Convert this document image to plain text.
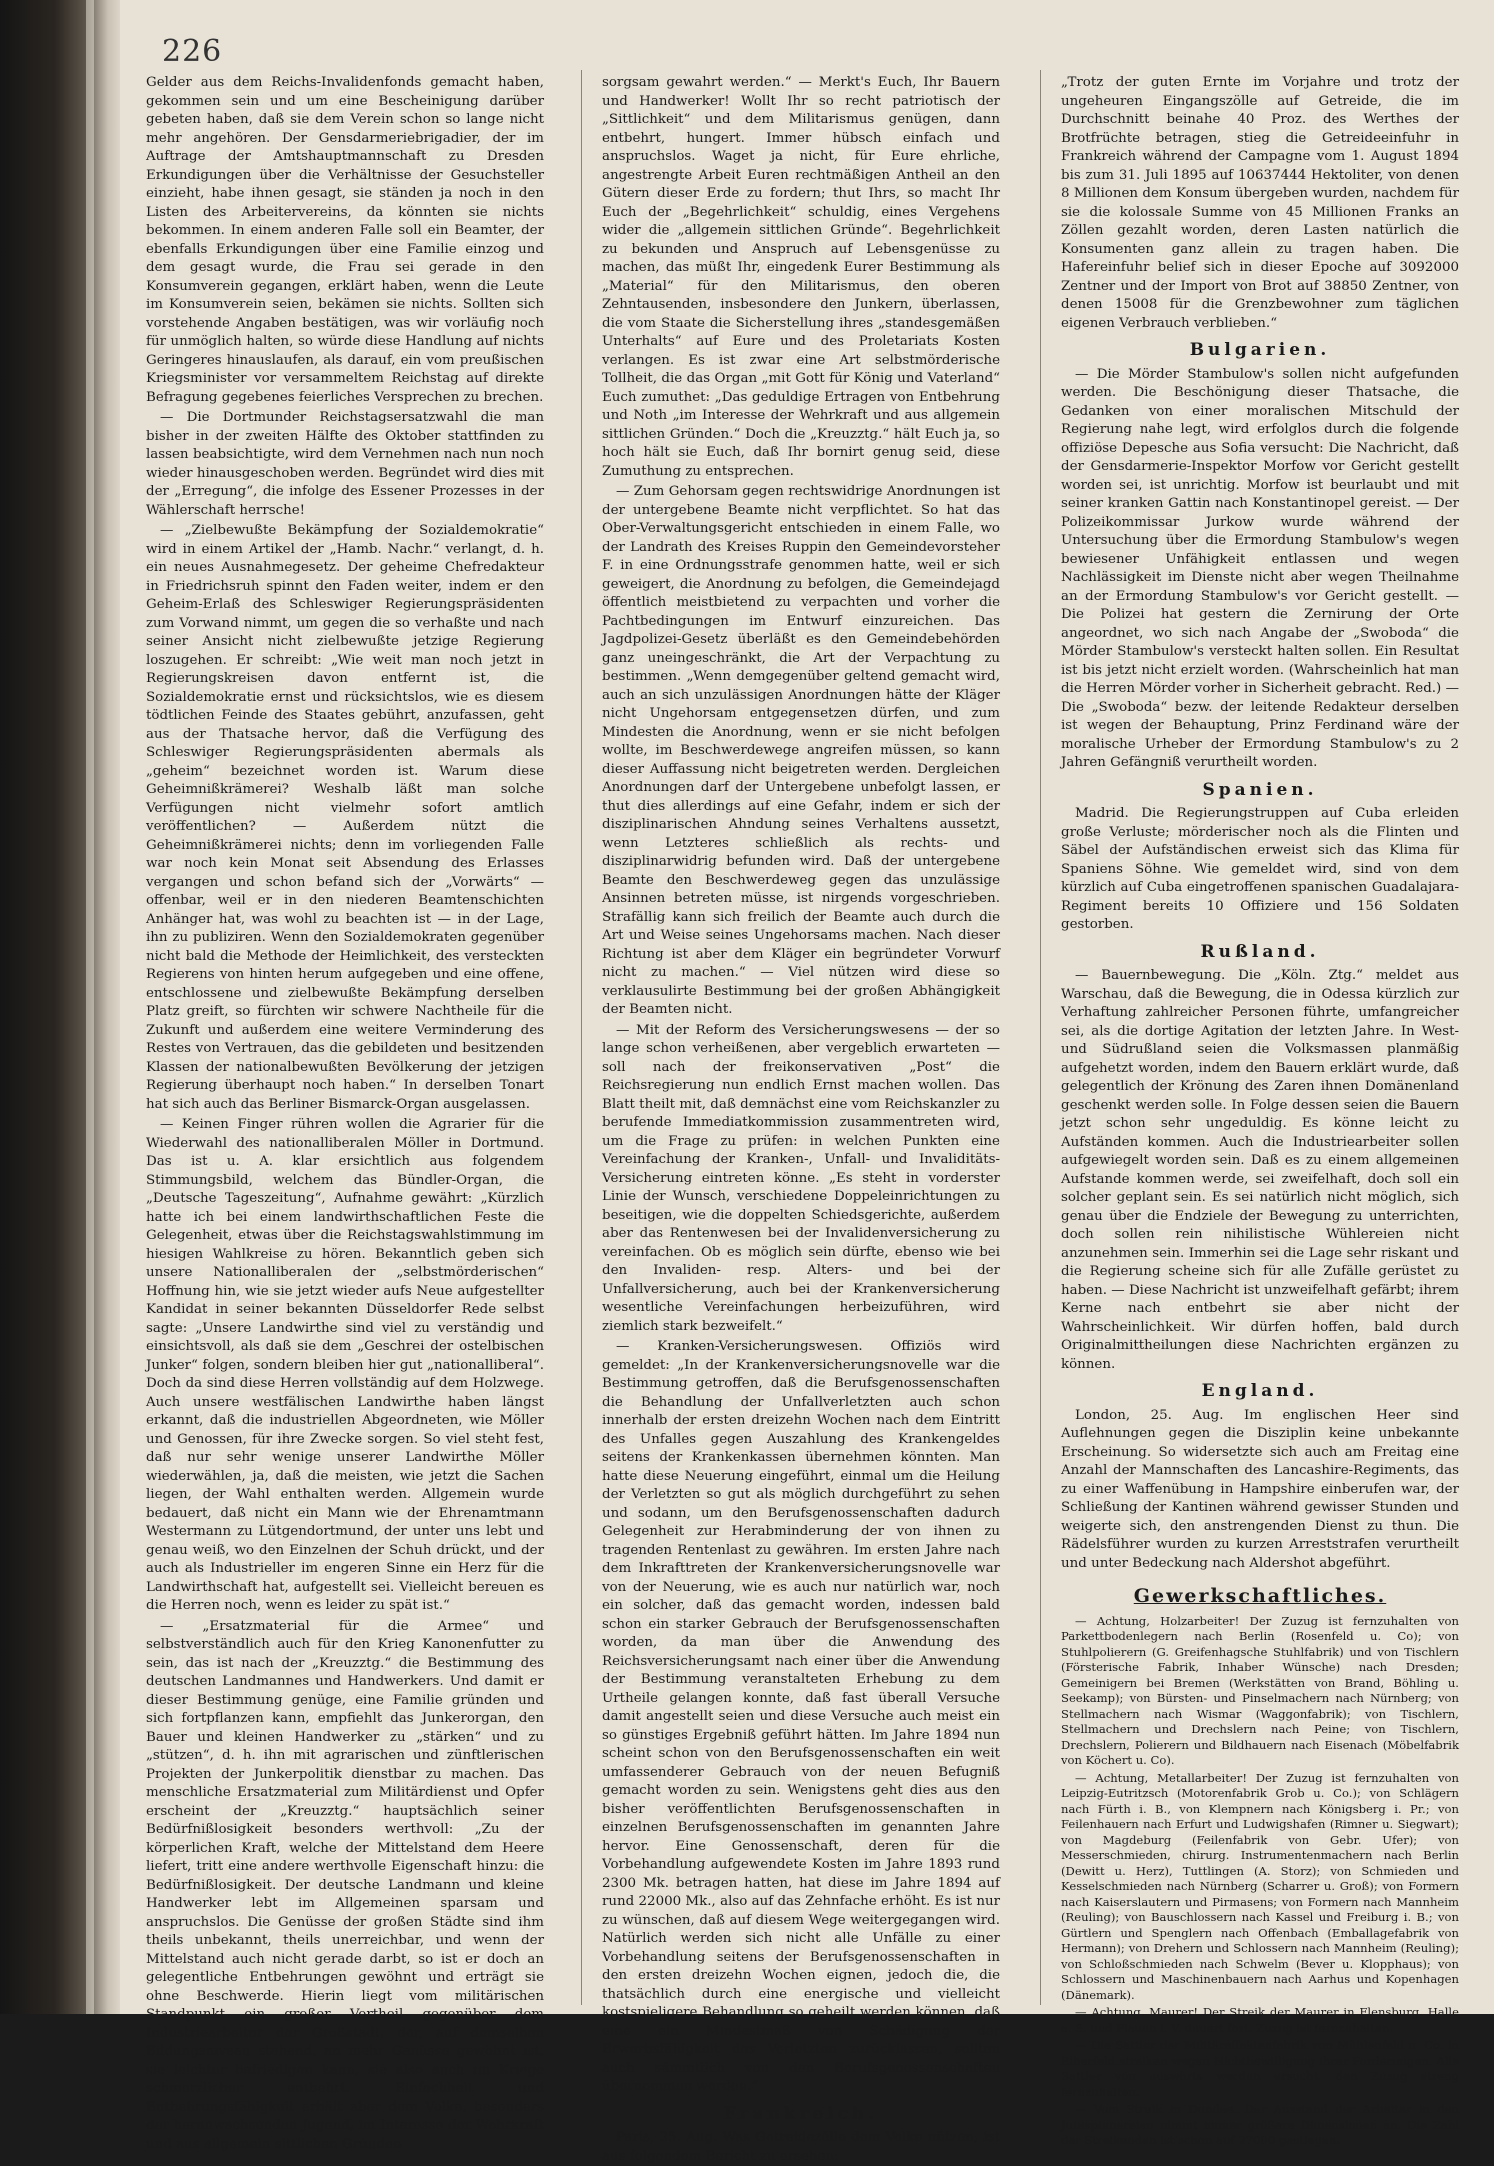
226

Gelder aus dem Reichs-Invalidenfonds gemacht haben, gekommen sein und um eine Bescheinigung darüber gebeten haben, daß sie dem Verein schon so lange nicht mehr angehören. Der Gensdarmeriebrigadier, der im Auftrage der Amtshauptmannschaft zu Dresden Erkundigungen über die Verhältnisse der Gesuchsteller einzieht, habe ihnen gesagt, sie ständen ja noch in den Listen des Arbeitervereins, da könnten sie nichts bekommen. In einem anderen Falle soll ein Beamter, der ebenfalls Erkundigungen über eine Familie einzog und dem gesagt wurde, die Frau sei gerade in den Konsumverein gegangen, erklärt haben, wenn die Leute im Konsumverein seien, bekämen sie nichts. Sollten sich vorstehende Angaben bestätigen, was wir vorläufig noch für unmöglich halten, so würde diese Handlung auf nichts Geringeres hinauslaufen, als darauf, ein vom preußischen Kriegsminister vor versammeltem Reichstag auf direkte Befragung gegebenes feierliches Versprechen zu brechen.

— Die Dortmunder Reichstagsersatzwahl die man bisher in der zweiten Hälfte des Oktober stattfinden zu lassen beabsichtigte, wird dem Vernehmen nach nun noch wieder hinausgeschoben werden. Begründet wird dies mit der „Erregung“, die infolge des Essener Prozesses in der Wählerschaft herrsche!

— „Zielbewußte Bekämpfung der Sozialdemokratie“ wird in einem Artikel der „Hamb. Nachr.“ verlangt, d. h. ein neues Ausnahmegesetz. Der geheime Chefredakteur in Friedrichsruh spinnt den Faden weiter, indem er den Geheim-Erlaß des Schleswiger Regierungspräsidenten zum Vorwand nimmt, um gegen die so verhaßte und nach seiner Ansicht nicht zielbewußte jetzige Regierung loszugehen. Er schreibt: „Wie weit man noch jetzt in Regierungskreisen davon entfernt ist, die Sozialdemokratie ernst und rücksichtslos, wie es diesem tödtlichen Feinde des Staates gebührt, anzufassen, geht aus der Thatsache hervor, daß die Verfügung des Schleswiger Regierungspräsidenten abermals als „geheim“ bezeichnet worden ist. Warum diese Geheimnißkrämerei? Weshalb läßt man solche Verfügungen nicht vielmehr sofort amtlich veröffentlichen? — Außerdem nützt die Geheimnißkrämerei nichts; denn im vorliegenden Falle war noch kein Monat seit Absendung des Erlasses vergangen und schon befand sich der „Vorwärts“ — offenbar, weil er in den niederen Beamtenschichten Anhänger hat, was wohl zu beachten ist — in der Lage, ihn zu publiziren. Wenn den Sozialdemokraten gegenüber nicht bald die Methode der Heimlichkeit, des versteckten Regierens von hinten herum aufgegeben und eine offene, entschlossene und zielbewußte Bekämpfung derselben Platz greift, so fürchten wir schwere Nachtheile für die Zukunft und außerdem eine weitere Verminderung des Restes von Vertrauen, das die gebildeten und besitzenden Klassen der nationalbewußten Bevölkerung der jetzigen Regierung überhaupt noch haben.“ In derselben Tonart hat sich auch das Berliner Bismarck-Organ ausgelassen.

— Keinen Finger rühren wollen die Agrarier für die Wiederwahl des nationalliberalen Möller in Dortmund. Das ist u. A. klar ersichtlich aus folgendem Stimmungsbild, welchem das Bündler-Organ, die „Deutsche Tageszeitung“, Aufnahme gewährt: „Kürzlich hatte ich bei einem landwirthschaftlichen Feste die Gelegenheit, etwas über die Reichstagswahlstimmung im hiesigen Wahlkreise zu hören. Bekanntlich geben sich unsere Nationalliberalen der „selbstmörderischen“ Hoffnung hin, wie sie jetzt wieder aufs Neue aufgestellter Kandidat in seiner bekannten Düsseldorfer Rede selbst sagte: „Unsere Landwirthe sind viel zu verständig und einsichtsvoll, als daß sie dem „Geschrei der ostelbischen Junker“ folgen, sondern bleiben hier gut „nationalliberal“. Doch da sind diese Herren vollständig auf dem Holzwege. Auch unsere westfälischen Landwirthe haben längst erkannt, daß die industriellen Abgeordneten, wie Möller und Genossen, für ihre Zwecke sorgen. So viel steht fest, daß nur sehr wenige unserer Landwirthe Möller wiederwählen, ja, daß die meisten, wie jetzt die Sachen liegen, der Wahl enthalten werden. Allgemein wurde bedauert, daß nicht ein Mann wie der Ehrenamtmann Westermann zu Lütgendortmund, der unter uns lebt und genau weiß, wo den Einzelnen der Schuh drückt, und der auch als Industrieller im engeren Sinne ein Herz für die Landwirthschaft hat, aufgestellt sei. Vielleicht bereuen es die Herren noch, wenn es leider zu spät ist.“

— „Ersatzmaterial für die Armee“ und selbstverständlich auch für den Krieg Kanonenfutter zu sein, das ist nach der „Kreuzztg.“ die Bestimmung des deutschen Landmannes und Handwerkers. Und damit er dieser Bestimmung genüge, eine Familie gründen und sich fortpflanzen kann, empfiehlt das Junkerorgan, den Bauer und kleinen Handwerker zu „stärken“ und zu „stützen“, d. h. ihn mit agrarischen und zünftlerischen Projekten der Junkerpolitik dienstbar zu machen. Das menschliche Ersatzmaterial zum Militärdienst und Opfer erscheint der „Kreuzztg.“ hauptsächlich seiner Bedürfnißlosigkeit besonders werthvoll: „Zu der körperlichen Kraft, welche der Mittelstand dem Heere liefert, tritt eine andere werthvolle Eigenschaft hinzu: die Bedürfnißlosigkeit. Der deutsche Landmann und kleine Handwerker lebt im Allgemeinen sparsam und anspruchslos. Die Genüsse der großen Städte sind ihm theils unbekannt, theils unerreichbar, und wenn der Mittelstand auch nicht gerade darbt, so ist er doch an gelegentliche Entbehrungen gewöhnt und erträgt sie ohne Beschwerde. Hierin liegt vom militärischen Standpunkt ein großer Vortheil gegenüber dem Industriearbeiter der Großstadt, der, auf demselben Bildungsniveau stehend, an mehr Genüsse gewöhnt ist, sie leichter befriedigen kann, sie also auch im Kriege schmerzlicher entbehrt. Einfachheit und Entbehrungsfähigkeit erhält aber dem Volke, besonders der heranwachsenden Jugend, im Interesse der Wehrkraft und aus allgemein sittlichen Gründen

sorgsam gewahrt werden.“ — Merkt's Euch, Ihr Bauern und Handwerker! Wollt Ihr so recht patriotisch der „Sittlichkeit“ und dem Militarismus genügen, dann entbehrt, hungert. Immer hübsch einfach und anspruchslos. Waget ja nicht, für Eure ehrliche, angestrengte Arbeit Euren rechtmäßigen Antheil an den Gütern dieser Erde zu fordern; thut Ihrs, so macht Ihr Euch der „Begehrlichkeit“ schuldig, eines Vergehens wider die „allgemein sittlichen Gründe“. Begehrlichkeit zu bekunden und Anspruch auf Lebensgenüsse zu machen, das müßt Ihr, eingedenk Eurer Bestimmung als „Material“ für den Militarismus, den oberen Zehntausenden, insbesondere den Junkern, überlassen, die vom Staate die Sicherstellung ihres „standesgemäßen Unterhalts“ auf Eure und des Proletariats Kosten verlangen. Es ist zwar eine Art selbstmörderische Tollheit, die das Organ „mit Gott für König und Vaterland“ Euch zumuthet: „Das geduldige Ertragen von Entbehrung und Noth „im Interesse der Wehrkraft und aus allgemein sittlichen Gründen.“ Doch die „Kreuzztg.“ hält Euch ja, so hoch hält sie Euch, daß Ihr bornirt genug seid, diese Zumuthung zu entsprechen.

— Zum Gehorsam gegen rechtswidrige Anordnungen ist der untergebene Beamte nicht verpflichtet. So hat das Ober-Verwaltungsgericht entschieden in einem Falle, wo der Landrath des Kreises Ruppin den Gemeindevorsteher F. in eine Ordnungsstrafe genommen hatte, weil er sich geweigert, die Anordnung zu befolgen, die Gemeindejagd öffentlich meistbietend zu verpachten und vorher die Pachtbedingungen im Entwurf einzureichen. Das Jagdpolizei-Gesetz überläßt es den Gemeindebehörden ganz uneingeschränkt, die Art der Verpachtung zu bestimmen. „Wenn demgegenüber geltend gemacht wird, auch an sich unzulässigen Anordnungen hätte der Kläger nicht Ungehorsam entgegensetzen dürfen, und zum Mindesten die Anordnung, wenn er sie nicht befolgen wollte, im Beschwerdewege angreifen müssen, so kann dieser Auffassung nicht beigetreten werden. Dergleichen Anordnungen darf der Untergebene unbefolgt lassen, er thut dies allerdings auf eine Gefahr, indem er sich der disziplinarischen Ahndung seines Verhaltens aussetzt, wenn Letzteres schließlich als rechts- und disziplinarwidrig befunden wird. Daß der untergebene Beamte den Beschwerdeweg gegen das unzulässige Ansinnen betreten müsse, ist nirgends vorgeschrieben. Strafällig kann sich freilich der Beamte auch durch die Art und Weise seines Ungehorsams machen. Nach dieser Richtung ist aber dem Kläger ein begründeter Vorwurf nicht zu machen.“ — Viel nützen wird diese so verklausulirte Bestimmung bei der großen Abhängigkeit der Beamten nicht.

— Mit der Reform des Versicherungswesens — der so lange schon verheißenen, aber vergeblich erwarteten — soll nach der freikonservativen „Post“ die Reichsregierung nun endlich Ernst machen wollen. Das Blatt theilt mit, daß demnächst eine vom Reichskanzler zu berufende Immediatkommission zusammentreten wird, um die Frage zu prüfen: in welchen Punkten eine Vereinfachung der Kranken-, Unfall- und Invaliditäts-Versicherung eintreten könne. „Es steht in vorderster Linie der Wunsch, verschiedene Doppeleinrichtungen zu beseitigen, wie die doppelten Schiedsgerichte, außerdem aber das Rentenwesen bei der Invalidenversicherung zu vereinfachen. Ob es möglich sein dürfte, ebenso wie bei den Invaliden- resp. Alters- und bei der Unfallversicherung, auch bei der Krankenversicherung wesentliche Vereinfachungen herbeizuführen, wird ziemlich stark bezweifelt.“

— Kranken-Versicherungswesen. Offiziös wird gemeldet: „In der Krankenversicherungsnovelle war die Bestimmung getroffen, daß die Berufsgenossenschaften die Behandlung der Unfallverletzten auch schon innerhalb der ersten dreizehn Wochen nach dem Eintritt des Unfalles gegen Auszahlung des Krankengeldes seitens der Krankenkassen übernehmen könnten. Man hatte diese Neuerung eingeführt, einmal um die Heilung der Verletzten so gut als möglich durchgeführt zu sehen und sodann, um den Berufsgenossenschaften dadurch Gelegenheit zur Herabminderung der von ihnen zu tragenden Rentenlast zu gewähren. Im ersten Jahre nach dem Inkrafttreten der Krankenversicherungsnovelle war von der Neuerung, wie es auch nur natürlich war, noch ein solcher, daß das gemacht worden, indessen bald schon ein starker Gebrauch der Berufsgenossenschaften worden, da man über die Anwendung des Reichsversicherungsamt nach einer über die Anwendung der Bestimmung veranstalteten Erhebung zu dem Urtheile gelangen konnte, daß fast überall Versuche damit angestellt seien und diese Versuche auch meist ein so günstiges Ergebniß geführt hätten. Im Jahre 1894 nun scheint schon von den Berufsgenossenschaften ein weit umfassenderer Gebrauch von der neuen Befugniß gemacht worden zu sein. Wenigstens geht dies aus den bisher veröffentlichten Berufsgenossenschaften in einzelnen Berufsgenossenschaften im genannten Jahre hervor. Eine Genossenschaft, deren für die Vorbehandlung aufgewendete Kosten im Jahre 1893 rund 2300 Mk. betragen hatten, hat diese im Jahre 1894 auf rund 22000 Mk., also auf das Zehnfache erhöht. Es ist nur zu wünschen, daß auf diesem Wege weitergegangen wird. Natürlich werden sich nicht alle Unfälle zu einer Vorbehandlung seitens der Berufsgenossenschaften in den ersten dreizehn Wochen eignen, jedoch die, die thatsächlich durch eine energische und vielleicht kostspieligere Behandlung so geheilt werden können, daß eine ein Mindestmaß von Schädigung der Erwerbsfähigkeit des Verletzten zurücklassen, sollten auch sämmtlich von den Berufsgenossenschaften übernommen werden.“

Frankreich.

Paris, 25. Aug. Was Getreidezölle dem Volke nützen, ist aus folgendem Bericht zu ersehen:

„Trotz der guten Ernte im Vorjahre und trotz der ungeheuren Eingangszölle auf Getreide, die im Durchschnitt beinahe 40 Proz. des Werthes der Brotfrüchte betragen, stieg die Getreideeinfuhr in Frankreich während der Campagne vom 1. August 1894 bis zum 31. Juli 1895 auf 10637444 Hektoliter, von denen 8 Millionen dem Konsum übergeben wurden, nachdem für sie die kolossale Summe von 45 Millionen Franks an Zöllen gezahlt worden, deren Lasten natürlich die Konsumenten ganz allein zu tragen haben. Die Hafereinfuhr belief sich in dieser Epoche auf 3092000 Zentner und der Import von Brot auf 38850 Zentner, von denen 15008 für die Grenzbewohner zum täglichen eigenen Verbrauch verblieben.“

Bulgarien.

— Die Mörder Stambulow's sollen nicht aufgefunden werden. Die Beschönigung dieser Thatsache, die Gedanken von einer moralischen Mitschuld der Regierung nahe legt, wird erfolglos durch die folgende offiziöse Depesche aus Sofia versucht: Die Nachricht, daß der Gensdarmerie-Inspektor Morfow vor Gericht gestellt worden sei, ist unrichtig. Morfow ist beurlaubt und mit seiner kranken Gattin nach Konstantinopel gereist. — Der Polizeikommissar Jurkow wurde während der Untersuchung über die Ermordung Stambulow's wegen bewiesener Unfähigkeit entlassen und wegen Nachlässigkeit im Dienste nicht aber wegen Theilnahme an der Ermordung Stambulow's vor Gericht gestellt. — Die Polizei hat gestern die Zernirung der Orte angeordnet, wo sich nach Angabe der „Swoboda“ die Mörder Stambulow's versteckt halten sollen. Ein Resultat ist bis jetzt nicht erzielt worden. (Wahrscheinlich hat man die Herren Mörder vorher in Sicherheit gebracht. Red.) — Die „Swoboda“ bezw. der leitende Redakteur derselben ist wegen der Behauptung, Prinz Ferdinand wäre der moralische Urheber der Ermordung Stambulow's zu 2 Jahren Gefängniß verurtheilt worden.

Spanien.

Madrid. Die Regierungstruppen auf Cuba erleiden große Verluste; mörderischer noch als die Flinten und Säbel der Aufständischen erweist sich das Klima für Spaniens Söhne. Wie gemeldet wird, sind von dem kürzlich auf Cuba eingetroffenen spanischen Guadalajara-Regiment bereits 10 Offiziere und 156 Soldaten gestorben.

Rußland.

— Bauernbewegung. Die „Köln. Ztg.“ meldet aus Warschau, daß die Bewegung, die in Odessa kürzlich zur Verhaftung zahlreicher Personen führte, umfangreicher sei, als die dortige Agitation der letzten Jahre. In West- und Südrußland seien die Volksmassen planmäßig aufgehetzt worden, indem den Bauern erklärt wurde, daß gelegentlich der Krönung des Zaren ihnen Domänenland geschenkt werden solle. In Folge dessen seien die Bauern jetzt schon sehr ungeduldig. Es könne leicht zu Aufständen kommen. Auch die Industriearbeiter sollen aufgewiegelt worden sein. Daß es zu einem allgemeinen Aufstande kommen werde, sei zweifelhaft, doch soll ein solcher geplant sein. Es sei natürlich nicht möglich, sich genau über die Endziele der Bewegung zu unterrichten, doch sollen rein nihilistische Wühlereien nicht anzunehmen sein. Immerhin sei die Lage sehr riskant und die Regierung scheine sich für alle Zufälle gerüstet zu haben. — Diese Nachricht ist unzweifelhaft gefärbt; ihrem Kerne nach entbehrt sie aber nicht der Wahrscheinlichkeit. Wir dürfen hoffen, bald durch Originalmittheilungen diese Nachrichten ergänzen zu können.

England.

London, 25. Aug. Im englischen Heer sind Auflehnungen gegen die Disziplin keine unbekannte Erscheinung. So widersetzte sich auch am Freitag eine Anzahl der Mannschaften des Lancashire-Regiments, das zu einer Waffenübung in Hampshire einberufen war, der Schließung der Kantinen während gewisser Stunden und weigerte sich, den anstrengenden Dienst zu thun. Die Rädelsführer wurden zu kurzen Arreststrafen verurtheilt und unter Bedeckung nach Aldershot abgeführt.

Gewerkschaftliches.

— Achtung, Holzarbeiter! Der Zuzug ist fernzuhalten von Parkettbodenlegern nach Berlin (Rosenfeld u. Co); von Stuhlpolierern (G. Greifenhagsche Stuhlfabrik) und von Tischlern (Försterische Fabrik, Inhaber Wünsche) nach Dresden; Gemeinigern bei Bremen (Werkstätten von Brand, Böhling u. Seekamp); von Bürsten- und Pinselmachern nach Nürnberg; von Stellmachern nach Wismar (Waggonfabrik); von Tischlern, Stellmachern und Drechslern nach Peine; von Tischlern, Drechslern, Polierern und Bildhauern nach Eisenach (Möbelfabrik von Köchert u. Co).

— Achtung, Metallarbeiter! Der Zuzug ist fernzuhalten von Leipzig-Eutritzsch (Motorenfabrik Grob u. Co.); von Schlägern nach Fürth i. B., von Klempnern nach Königsberg i. Pr.; von Feilenhauern nach Erfurt und Ludwigshafen (Rimner u. Siegwart); von Magdeburg (Feilenfabrik von Gebr. Ufer); von Messerschmieden, chirurg. Instrumentenmachern nach Berlin (Dewitt u. Herz), Tuttlingen (A. Storz); von Schmieden und Kesselschmieden nach Nürnberg (Scharrer u. Groß); von Formern nach Kaiserslautern und Pirmasens; von Formern nach Mannheim (Reuling); von Bauschlossern nach Kassel und Freiburg i. B.; von Gürtlern und Spenglern nach Offenbach (Emballagefabrik von Hermann); von Drehern und Schlossern nach Mannheim (Reuling); von Schloßschmieden nach Schwelm (Bever u. Klopphaus); von Schlossern und Maschinenbauern nach Aarhus und Kopenhagen (Dänemark).

— Achtung, Maurer! Der Streik der Maurer in Flensburg, Halle a. S. und Plauen i. V. dauert fort. Zuzug ist fernzuhalten.

— Die Sattler der Militäreffektenfabrik von Mühlenfeld u. Co. in Elberfeld streiken wegen Nichtbewilligung ihrer Forderungen. Alle Sattler von auswärts werden ersucht, den Zuzug streng fernzuhalten.

— Vom Streik in Dundee. Der Ausstand der Arbeiter in den Jutespinnereien nimmt immer größere Dimensionen an. Die Zahl der Streikenden ist schon auf 27000 gestiegen.
